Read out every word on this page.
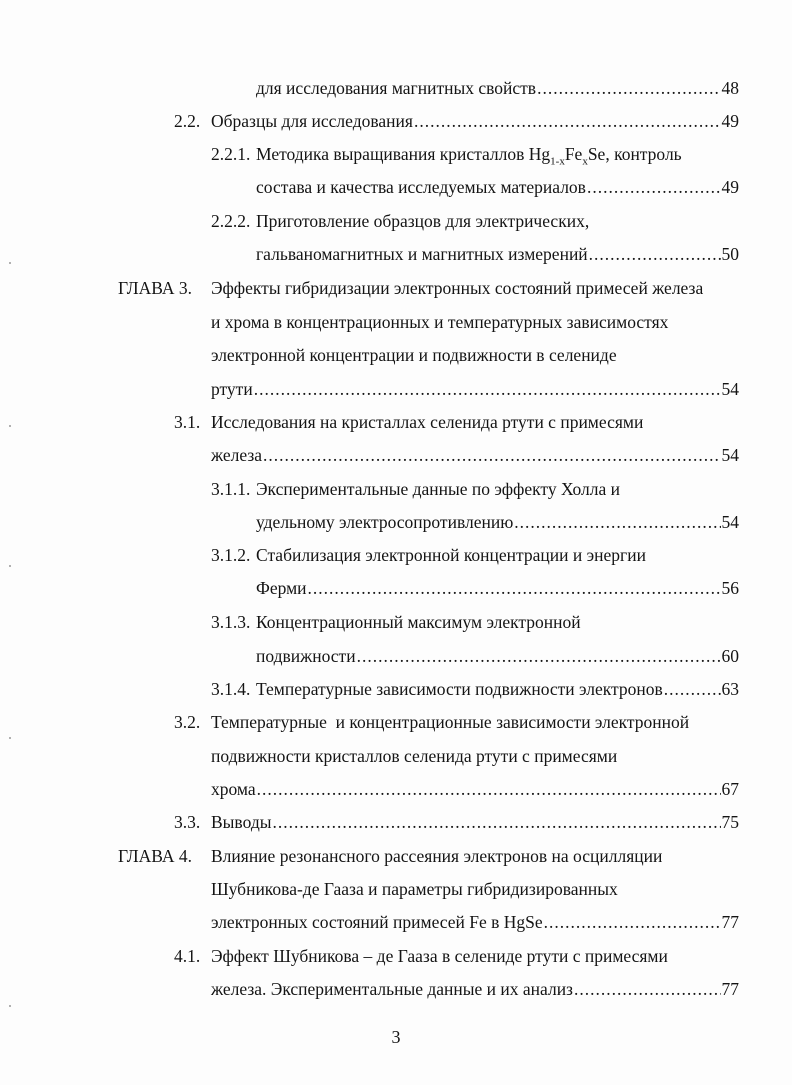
для исследования магнитных свойств .....	48
2.2. Образцы для исследования .....	49
2.2.1. Методика выращивания кристаллов $Hg_{1-x}Fe_xSe$, контроль
состава и качества исследуемых материалов .....	49
2.2.2. Приготовление образцов для электрических,
гальваномагнитных и магнитных измерений .....	50
ГЛАВА 3. Эффекты гибридизации электронных состояний примесей железа
и хрома в концентрационных и температурных зависимостях
электронной концентрации и подвижности в селениде
ртути .....	54
3.1. Исследования на кристаллах селенида ртути с примесями
железа .....	54
3.1.1. Экспериментальные данные по эффекту Холла и
удельному электросопротивлению .....	54
3.1.2. Стабилизация электронной концентрации и энергии
Ферми .....	56
3.1.3. Концентрационный максимум электронной
подвижности .....	60
3.1.4. Температурные зависимости подвижности электронов .....	63
3.2. Температурные  и концентрационные зависимости электронной
подвижности кристаллов селенида ртути с примесями
хрома .....	67
3.3. Выводы .....	75
ГЛАВА 4. Влияние резонансного рассеяния электронов на осцилляции
Шубникова-де Гааза и параметры гибридизированных
электронных состояний примесей Fe в HgSe .....	77
4.1. Эффект Шубникова – де Гааза в селениде ртути с примесями
железа. Экспериментальные данные и их анализ .....	77
3
